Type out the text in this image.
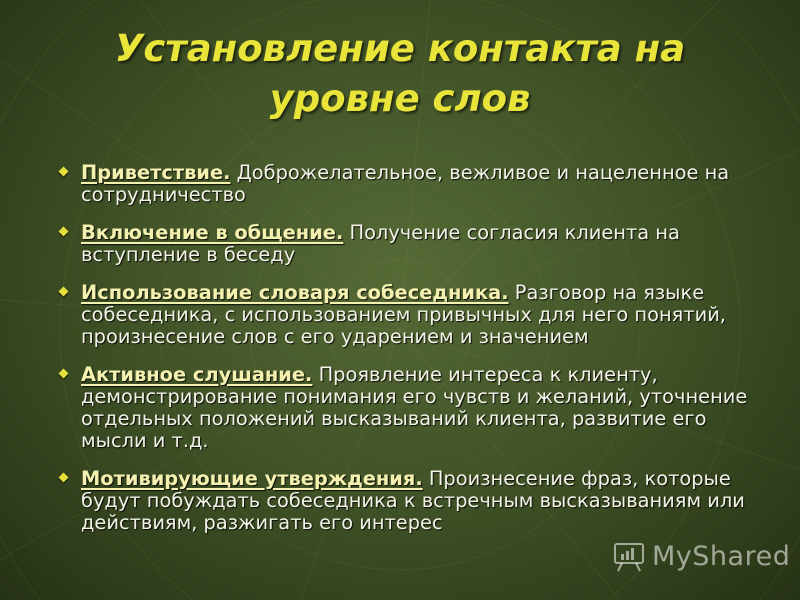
Установление контакта на уровне слов
Приветствие. Доброжелательное, вежливое и нацеленное на сотрудничество
Включение в общение. Получение согласия клиента на вступление в беседу
Использование словаря собеседника. Разговор на языке собеседника, с использованием привычных для него понятий, произнесение слов с его ударением и значением
Активное слушание. Проявление интереса к клиенту, демонстрирование понимания его чувств и желаний, уточнение отдельных положений высказываний клиента, развитие его мысли и т.д.
Мотивирующие утверждения. Произнесение фраз, которые будут побуждать собеседника к встречным высказываниям или действиям, разжигать его интерес
MyShared
